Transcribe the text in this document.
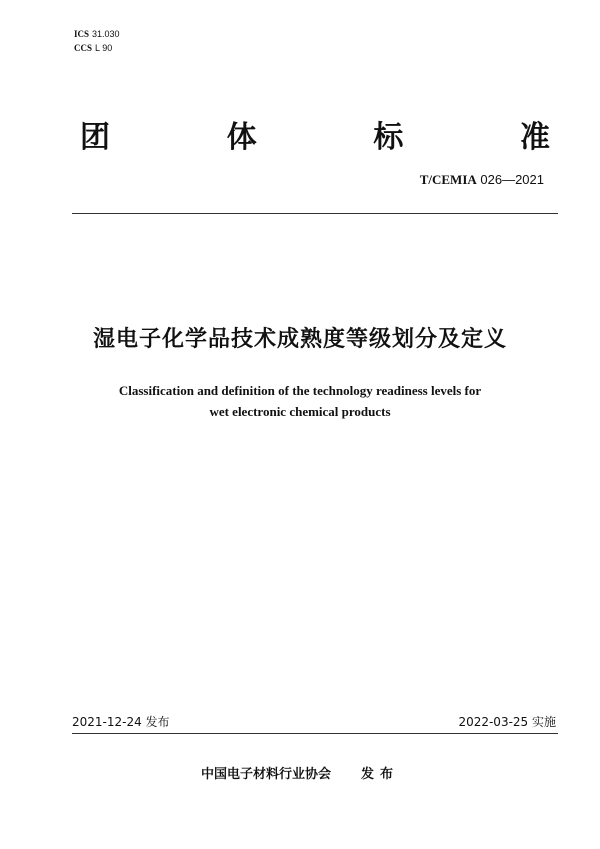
ICS 31.030
CCS L 90
团	体	标	准
T/CEMIA 026—2021
湿电子化学品技术成熟度等级划分及定义
Classification and definition of the technology readiness levels for
wet electronic chemical products
2021-12-24 发布	2022-03-25 实施
中国电子材料行业协会 发布
